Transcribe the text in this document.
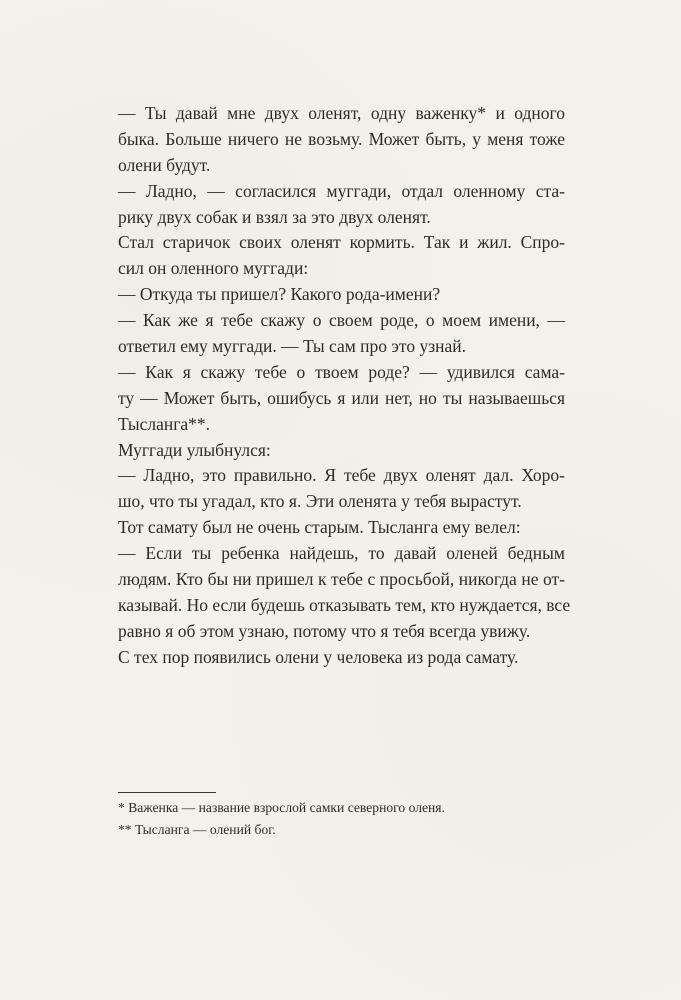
— Ты давай мне двух оленят, одну важенку* и одного
быка. Больше ничего не возьму. Может быть, у меня тоже
олени будут.
— Ладно, — согласился муггади, отдал оленному ста-
рику двух собак и взял за это двух оленят.
Стал старичок своих оленят кормить. Так и жил. Спро-
сил он оленного муггади:
— Откуда ты пришел? Какого рода-имени?
— Как же я тебе скажу о своем роде, о моем имени, —
ответил ему муггади. — Ты сам про это узнай.
— Как я скажу тебе о твоем роде? — удивился сама-
ту — Может быть, ошибусь я или нет, но ты называешься
Тысланга**.
Муггади улыбнулся:
— Ладно, это правильно. Я тебе двух оленят дал. Хоро-
шо, что ты угадал, кто я. Эти оленята у тебя вырастут.
Тот самату был не очень старым. Тысланга ему велел:
— Если ты ребенка найдешь, то давай оленей бедным
людям. Кто бы ни пришел к тебе с просьбой, никогда не от-
казывай. Но если будешь отказывать тем, кто нуждается, все
равно я об этом узнаю, потому что я тебя всегда увижу.
С тех пор появились олени у человека из рода самату.
* Важенка — название взрослой самки северного оленя.
** Тысланга — олений бог.
